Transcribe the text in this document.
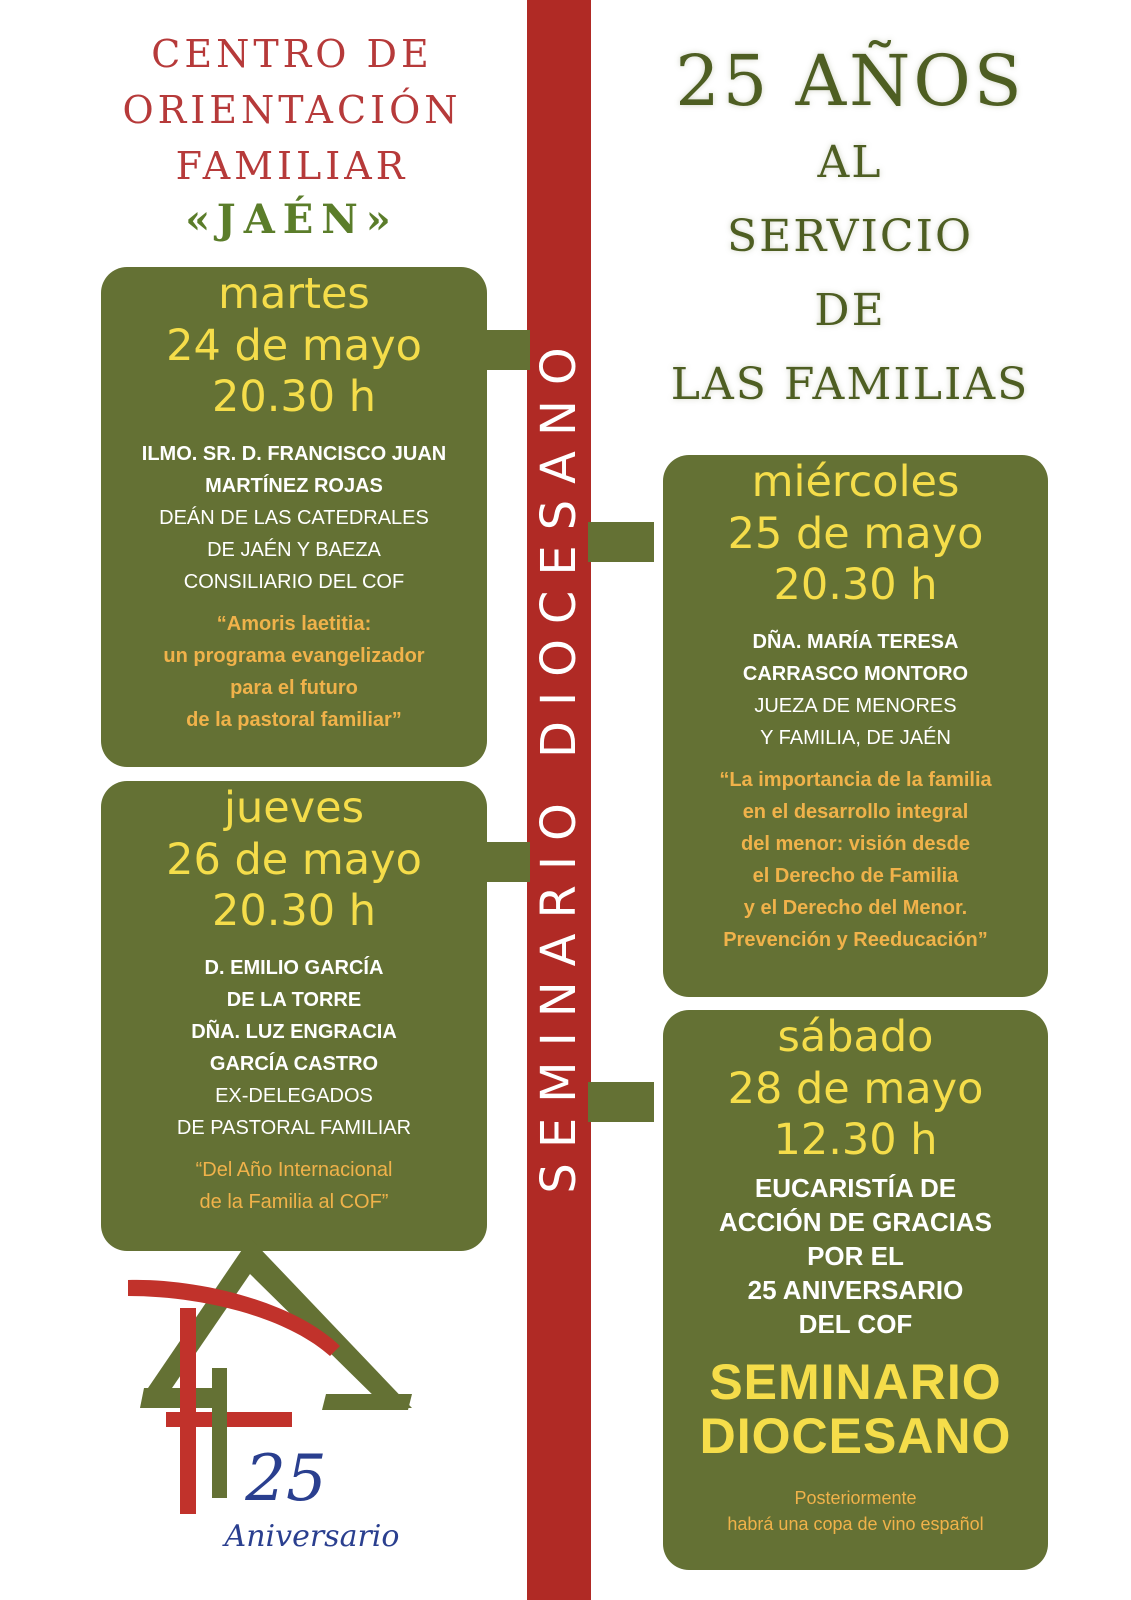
SEMINARIO DIOCESANO
CENTRO DE
ORIENTACIÓN
FAMILIAR
«JAÉN»
25 AÑOS
AL
SERVICIO
DE
LAS FAMILIAS
martes
24 de mayo
20.30 h
ILMO. SR. D. FRANCISCO JUAN
MARTÍNEZ ROJAS
DEÁN DE LAS CATEDRALES
DE JAÉN Y BAEZA
CONSILIARIO DEL COF
“Amoris laetitia:
un programa evangelizador
para el futuro
de la pastoral familiar”
jueves
26 de mayo
20.30 h
D. EMILIO GARCÍA
DE LA TORRE
DÑA. LUZ ENGRACIA
GARCÍA CASTRO
EX-DELEGADOS
DE PASTORAL FAMILIAR
“Del Año Internacional
de la Familia al COF”
miércoles
25 de mayo
20.30 h
DÑA. MARÍA TERESA
CARRASCO MONTORO
JUEZA DE MENORES
Y FAMILIA, DE JAÉN
“La importancia de la familia
en el desarrollo integral
del menor: visión desde
el Derecho de Familia
y el Derecho del Menor.
Prevención y Reeducación”
sábado
28 de mayo
12.30 h
EUCARISTÍA DE
ACCIÓN DE GRACIAS
POR EL
25 ANIVERSARIO
DEL COF
SEMINARIO
DIOCESANO
Posteriormente
habrá una copa de vino español
25
Aniversario
